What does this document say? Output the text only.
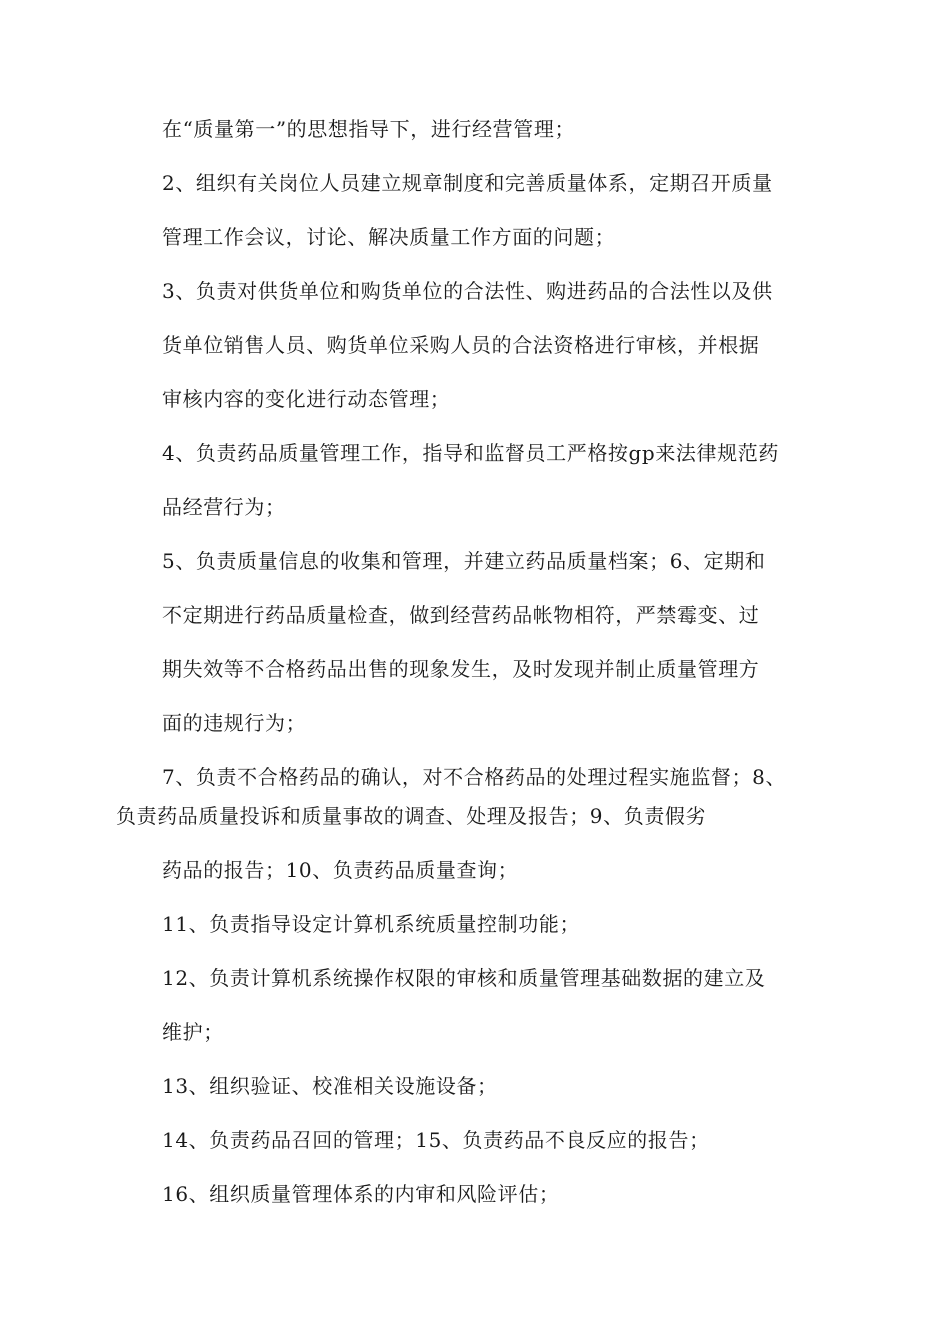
在“质量第一”的思想指导下，进行经营管理；

2、组织有关岗位人员建立规章制度和完善质量体系，定期召开质量

管理工作会议，讨论、解决质量工作方面的问题；

3、负责对供货单位和购货单位的合法性、购进药品的合法性以及供

货单位销售人员、购货单位采购人员的合法资格进行审核，并根据

审核内容的变化进行动态管理；

4、负责药品质量管理工作，指导和监督员工严格按gp来法律规范药

品经营行为；

5、负责质量信息的收集和管理，并建立药品质量档案；6、定期和

不定期进行药品质量检查，做到经营药品帐物相符，严禁霉变、过

期失效等不合格药品出售的现象发生，及时发现并制止质量管理方

面的违规行为；

7、负责不合格药品的确认，对不合格药品的处理过程实施监督；8、

负责药品质量投诉和质量事故的调查、处理及报告；9、负责假劣

药品的报告；10、负责药品质量查询；

11、负责指导设定计算机系统质量控制功能；

12、负责计算机系统操作权限的审核和质量管理基础数据的建立及

维护；

13、组织验证、校准相关设施设备；

14、负责药品召回的管理；15、负责药品不良反应的报告；

16、组织质量管理体系的内审和风险评估；
